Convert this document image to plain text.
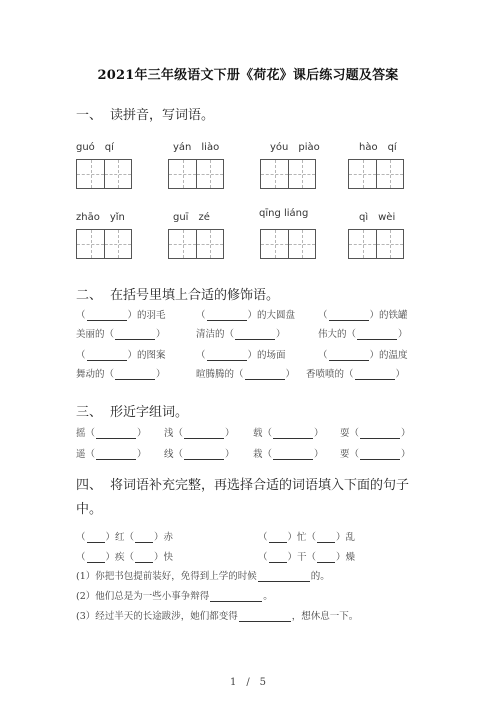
2021年三年级语文下册《荷花》课后练习题及答案
一、 读拼音，写词语。
guó　qí	yán　liào	yóu　piào	hào　qí
zhāo　yǐn	guī　zé	qīng liáng	qì　wèi
二、 在括号里填上合适的修饰语。
（	）的羽毛	（	）的大圆盘 （	）的铁罐
美丽的（	）	清洁的（	）	伟大的（	）
（	）的图案	（	）的场面	（	）的温度
舞动的（	）	暄腾腾的（	） 香喷喷的（	）
三、 形近字组词。
摇（	） 浅（	） 载（	） 耍（	）
遥（	） 线（	） 栽（	） 要（	）
四、 将词语补充完整，再选择合适的词语填入下面的句子中。
（ ）红（ ）赤	（ ）忙（ ）乱
（ ）疾（ ）快	（ ）干（ ）燥
(1）你把书包提前装好，免得到上学的时候	的。
(2）他们总是为一些小事争辩得	。
(3）经过半天的长途跋涉，她们都变得	，想休息一下。
1　/　5
